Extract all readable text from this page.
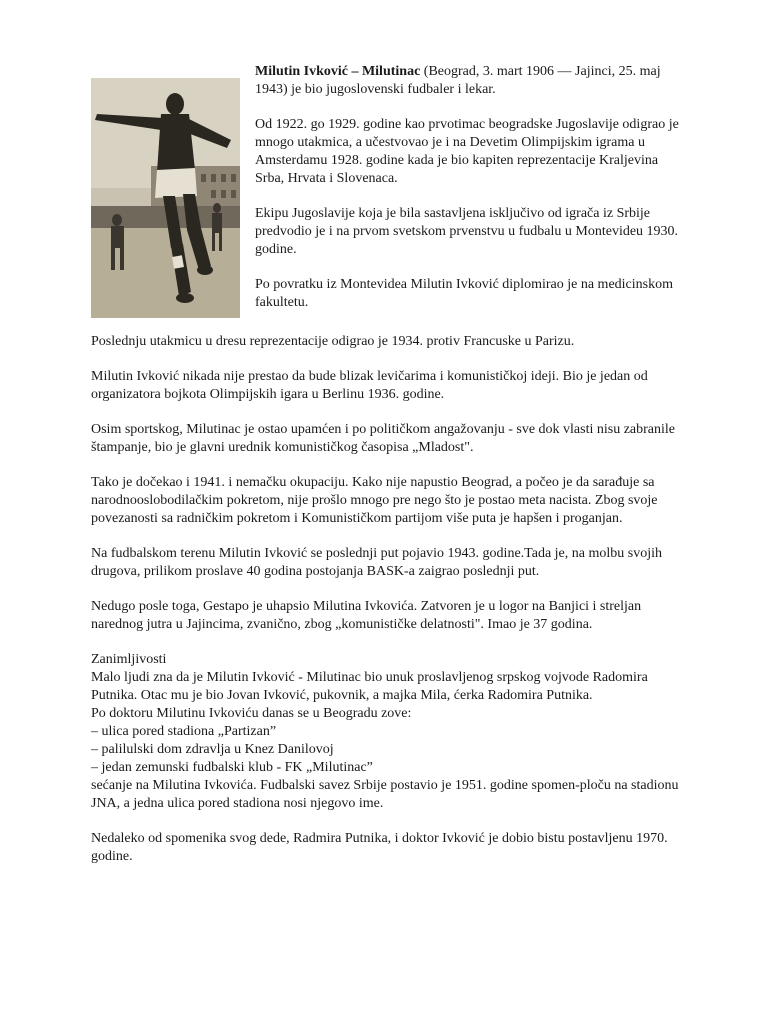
Milutin Ivković – Milutinac (Beograd, 3. mart 1906 — Jajinci, 25. maj 1943) je bio jugoslovenski fudbaler i lekar.

Od 1922. go 1929. godine kao prvotimac beogradske Jugoslavije odigrao je mnogo utakmica, a učestvovao je i na Devetim Olimpijskim igrama u Amsterdamu 1928. godine kada je bio kapiten reprezentacije Kraljevina Srba, Hrvata i Slovenaca.

Ekipu Jugoslavije koja je bila sastavljena isključivo od igrača iz Srbije predvodio je i na prvom svetskom prvenstvu u fudbalu u Montevideu 1930. godine.

Po povratku iz Montevidea Milutin Ivković diplomirao je na medicinskom fakultetu.

Poslednju utakmicu u dresu reprezentacije odigrao je 1934. protiv Francuske u Parizu.

Milutin Ivković nikada nije prestao da bude blizak levičarima i komunističkoj ideji. Bio je jedan od organizatora bojkota Olimpijskih igara u Berlinu 1936. godine.

Osim sportskog, Milutinac je ostao upamćen i po političkom angažovanju - sve dok vlasti nisu zabranile štampanje, bio je glavni urednik komunističkog časopisa „Mladost".

Tako je dočekao i 1941. i nemačku okupaciju. Kako nije napustio Beograd, a počeo je da sarađuje sa narodnooslobodilačkim pokretom, nije prošlo mnogo pre nego što je postao meta nacista. Zbog svoje povezanosti sa radničkim pokretom i Komunističkom partijom više puta je hapšen i proganjan.

Na fudbalskom terenu Milutin Ivković se poslednji put pojavio 1943. godine.Tada je, na molbu svojih drugova, prilikom proslave 40 godina postojanja BASK-a zaigrao poslednji put.

Nedugo posle toga, Gestapo je uhapsio Milutina Ivkovića. Zatvoren je u logor na Banjici i streljan narednog jutra u Jajincima, zvanično, zbog „komunističke delatnosti". Imao je 37 godina.

Zanimljivosti

Malo ljudi zna da je Milutin Ivković - Milutinac bio unuk proslavljenog srpskog vojvode Radomira Putnika. Otac mu je bio Jovan Ivković, pukovnik, a majka Mila, ćerka Radomira Putnika.

Po doktoru Milutinu Ivkoviću danas se u Beogradu zove:
– ulica pored stadiona „Partizan”
– palilulski dom zdravlja u Knez Danilovoj
– jedan zemunski fudbalski klub - FK „Milutinac”

sećanje na Milutina Ivkovića. Fudbalski savez Srbije postavio je 1951. godine spomen-ploču na stadionu JNA, a jedna ulica pored stadiona nosi njegovo ime.

Nedaleko od spomenika svog dede, Radmira Putnika, i doktor Ivković je dobio bistu postavljenu 1970. godine.
